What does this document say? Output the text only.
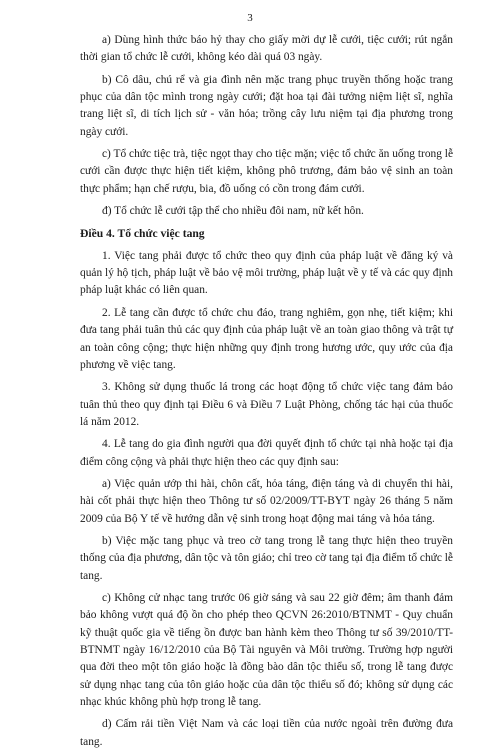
3

a) Dùng hình thức báo hỷ thay cho giấy mời dự lễ cưới, tiệc cưới; rút ngắn thời gian tổ chức lễ cưới, không kéo dài quá 03 ngày.

b) Cô dâu, chú rể và gia đình nên mặc trang phục truyền thống hoặc trang phục của dân tộc mình trong ngày cưới; đặt hoa tại đài tưởng niệm liệt sĩ, nghĩa trang liệt sĩ, di tích lịch sử - văn hóa; trồng cây lưu niệm tại địa phương trong ngày cưới.

c) Tổ chức tiệc trà, tiệc ngọt thay cho tiệc mặn; việc tổ chức ăn uống trong lễ cưới cần được thực hiện tiết kiệm, không phô trương, đảm bảo vệ sinh an toàn thực phẩm; hạn chế rượu, bia, đồ uống có cồn trong đám cưới.

đ) Tổ chức lễ cưới tập thể cho nhiều đôi nam, nữ kết hôn.

Điều 4. Tổ chức việc tang

1. Việc tang phải được tổ chức theo quy định của pháp luật về đăng ký và quản lý hộ tịch, pháp luật về bảo vệ môi trường, pháp luật về y tế và các quy định pháp luật khác có liên quan.

2. Lễ tang cần được tổ chức chu đáo, trang nghiêm, gọn nhẹ, tiết kiệm; khi đưa tang phải tuân thủ các quy định của pháp luật về an toàn giao thông và trật tự an toàn công cộng; thực hiện những quy định trong hương ước, quy ước của địa phương về việc tang.

3. Không sử dụng thuốc lá trong các hoạt động tổ chức việc tang đảm bảo tuân thủ theo quy định tại Điều 6 và Điều 7 Luật Phòng, chống tác hại của thuốc lá năm 2012.

4. Lễ tang do gia đình người qua đời quyết định tổ chức tại nhà hoặc tại địa điểm công cộng và phải thực hiện theo các quy định sau:

a) Việc quản ướp thi hài, chôn cất, hỏa táng, điện táng và di chuyển thi hài, hài cốt phải thực hiện theo Thông tư số 02/2009/TT-BYT ngày 26 tháng 5 năm 2009 của Bộ Y tế về hướng dẫn vệ sinh trong hoạt động mai táng và hỏa táng.

b) Việc mặc tang phục và treo cờ tang trong lễ tang thực hiện theo truyền thống của địa phương, dân tộc và tôn giáo; chỉ treo cờ tang tại địa điểm tổ chức lễ tang.

c) Không cử nhạc tang trước 06 giờ sáng và sau 22 giờ đêm; âm thanh đảm bảo không vượt quá độ ồn cho phép theo QCVN 26:2010/BTNMT - Quy chuẩn kỹ thuật quốc gia về tiếng ồn được ban hành kèm theo Thông tư số 39/2010/TT-BTNMT ngày 16/12/2010 của Bộ Tài nguyên và Môi trường. Trường hợp người qua đời theo một tôn giáo hoặc là đồng bào dân tộc thiểu số, trong lễ tang được sử dụng nhạc tang của tôn giáo hoặc của dân tộc thiểu số đó; không sử dụng các nhạc khúc không phù hợp trong lễ tang.

d) Cấm rải tiền Việt Nam và các loại tiền của nước ngoài trên đường đưa tang.
